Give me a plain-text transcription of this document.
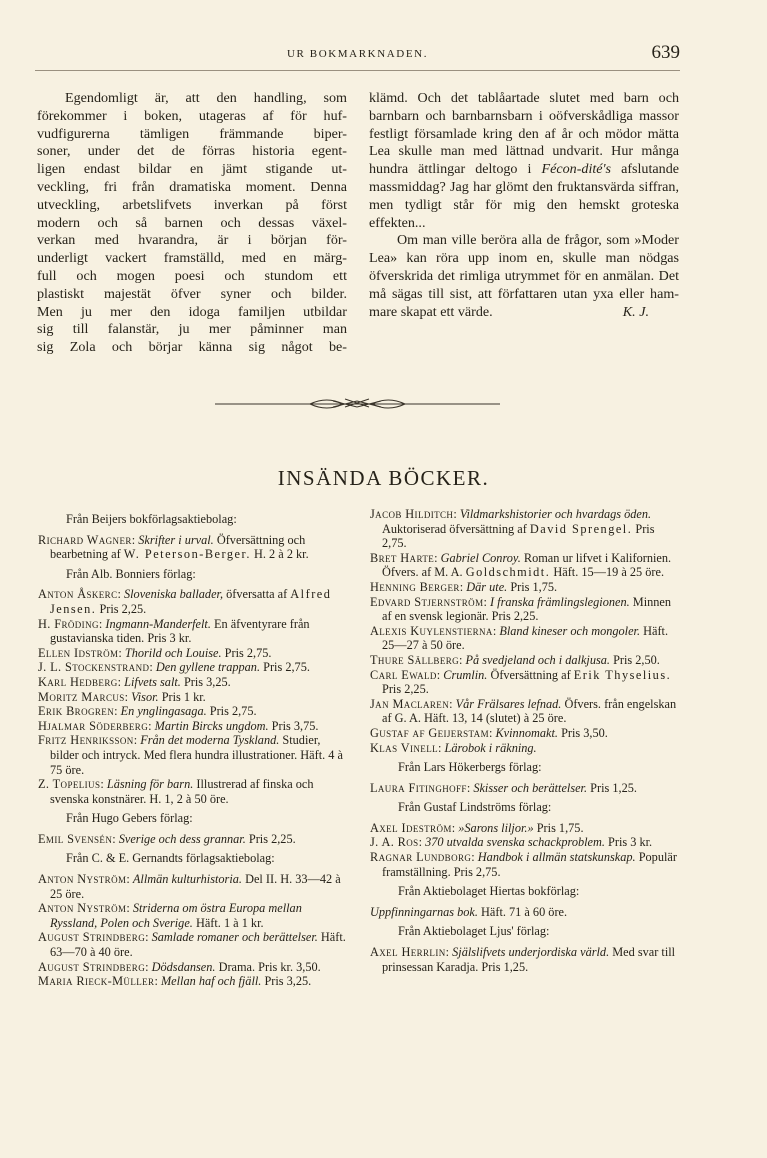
UR BOKMARKNADEN.	639
Egendomligt är, att den handling, som
förekommer i boken, utageras af för huf-
vudfigurerna tämligen främmande biper-
soner, under det de förras historia egent-
ligen endast bildar en jämt stigande ut-
veckling, fri från dramatiska moment. Denna
utveckling, arbetslifvets inverkan på först
modern och så barnen och dessas växel-
verkan med hvarandra, är i början för-
underligt vackert framställd, med en märg-
full och mogen poesi och stundom ett
plastiskt majestät öfver syner och bilder.
Men ju mer den idoga familjen utbildar
sig till falanstär, ju mer påminner man
sig Zola och börjar känna sig något be-

klämd. Och det tablåartade slutet med barn och barnbarn och barnbarnsbarn i oöfverskådliga massor festligt församlade kring den af år och mödor mätta Lea skulle man med lättnad undvarit. Hur många hundra ättlingar deltogo i Fécon-dité's afslutande massmiddag? Jag har glömt den fruktansvärda siffran, men tydligt står för mig den hemskt groteska effekten...

Om man ville beröra alla de frågor, som »Moder Lea» kan röra upp inom en, skulle man nödgas öfverskrida det rimliga utrymmet för en anmälan. Det må sägas till sist, att författaren utan yxa eller ham-

mare skapat ett värde.	K. J.
INSÄNDA BÖCKER.
Från Beijers bokförlagsaktiebolag:

Richard Wagner: Skrifter i urval. Öfversättning och bearbetning af W. Peterson-Berger. H. 2 à 2 kr.

Från Alb. Bonniers förlag:

Anton Åskerc: Sloveniska ballader, öfversatta af Alfred Jensen. Pris 2,25.

H. Fröding: Ingmann-Manderfelt. En äfventyrare från gustavianska tiden. Pris 3 kr.

Ellen Idström: Thorild och Louise. Pris 2,75.

J. L. Stockenstrand: Den gyllene trappan. Pris 2,75.

Karl Hedberg: Lifvets salt. Pris 3,25.

Moritz Marcus: Visor. Pris 1 kr.

Erik Brogren: En ynglingasaga. Pris 2,75.

Hjalmar Söderberg: Martin Bircks ungdom. Pris 3,75.

Fritz Henriksson: Från det moderna Tyskland. Studier, bilder och intryck. Med flera hundra illustrationer. Häft. 4 à 75 öre.

Z. Topelius: Läsning för barn. Illustrerad af finska och svenska konstnärer. H. 1, 2 à 50 öre.

Från Hugo Gebers förlag:

Emil Svensén: Sverige och dess grannar. Pris 2,25.

Från C. & E. Gernandts förlagsaktiebolag:

Anton Nyström: Allmän kulturhistoria. Del II. H. 33—42 à 25 öre.

Anton Nyström: Striderna om östra Europa mellan Ryssland, Polen och Sverige. Häft. 1 à 1 kr.

August Strindberg: Samlade romaner och berättelser. Häft. 63—70 à 40 öre.

August Strindberg: Dödsdansen. Drama. Pris kr. 3,50.

Maria Rieck-Müller: Mellan haf och fjäll. Pris 3,25.

Jacob Hilditch: Vildmarkshistorier och hvardags öden. Auktoriserad öfversättning af David Sprengel. Pris 2,75.

Bret Harte: Gabriel Conroy. Roman ur lifvet i Kalifornien. Öfvers. af M. A. Goldschmidt. Häft. 15—19 à 25 öre.

Henning Berger: Där ute. Pris 1,75.

Edvard Stjernström: I franska främlingslegionen. Minnen af en svensk legionär. Pris 2,25.

Alexis Kuylenstierna: Bland kineser och mongoler. Häft. 25—27 à 50 öre.

Thure Sällberg: På svedjeland och i dalkjusa. Pris 2,50.

Carl Ewald: Crumlin. Öfversättning af Erik Thyselius. Pris 2,25.

Jan Maclaren: Vår Frälsares lefnad. Öfvers. från engelskan af G. A. Häft. 13, 14 (slutet) à 25 öre.

Gustaf af Geijerstam: Kvinnomakt. Pris 3,50.

Klas Vinell: Lärobok i räkning.

Från Lars Hökerbergs förlag:

Laura Fitinghoff: Skisser och berättelser. Pris 1,25.

Från Gustaf Lindströms förlag:

Axel Ideström: »Sarons liljor.» Pris 1,75.

J. A. Ros: 370 utvalda svenska schackproblem. Pris 3 kr.

Ragnar Lundborg: Handbok i allmän statskunskap. Populär framställning. Pris 2,75.

Från Aktiebolaget Hiertas bokförlag:

Uppfinningarnas bok. Häft. 71 à 60 öre.

Från Aktiebolaget Ljus' förlag:

Axel Herrlin: Själslifvets underjordiska värld. Med svar till prinsessan Karadja. Pris 1,25.
